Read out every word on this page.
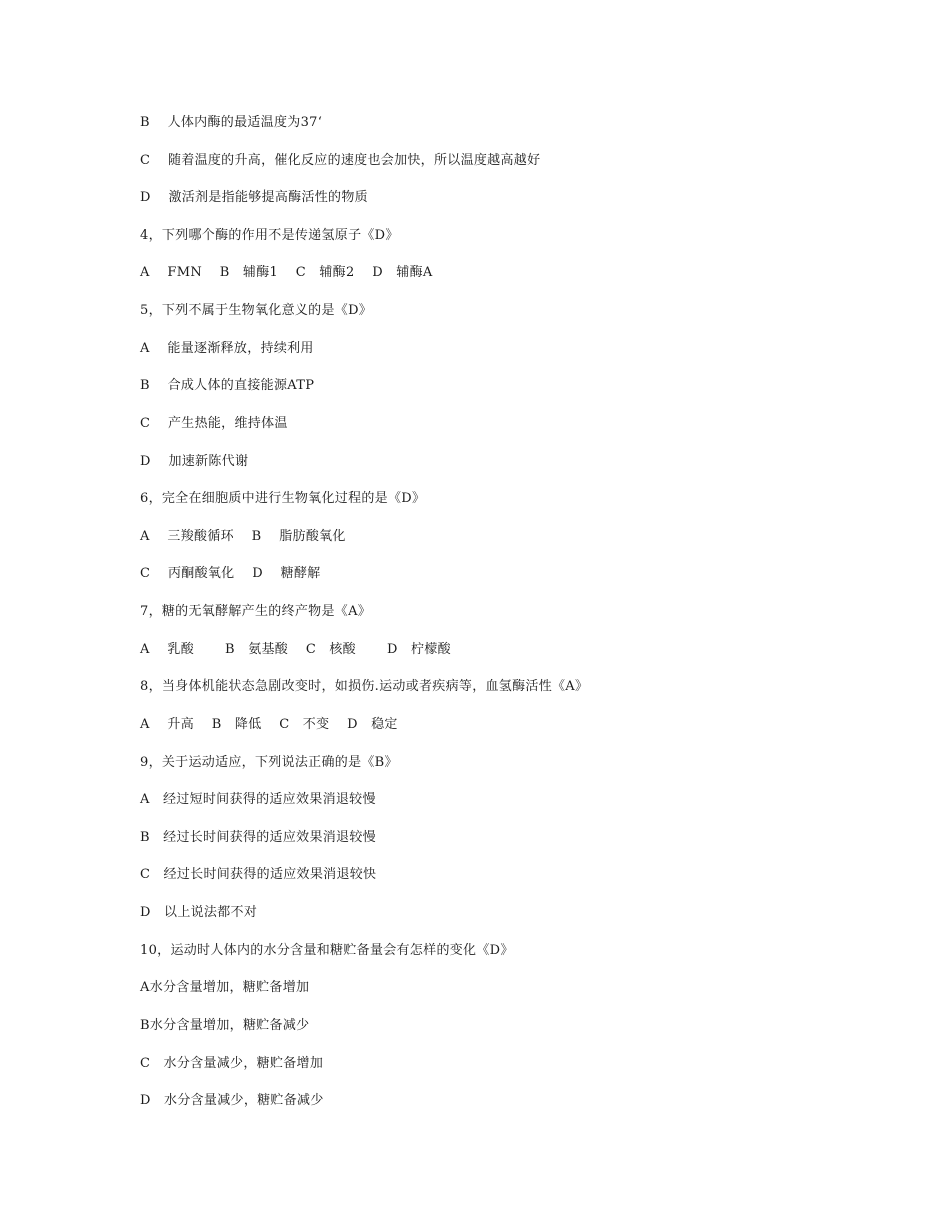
B    人体内酶的最适温度为37‘
C    随着温度的升高，催化反应的速度也会加快，所以温度越高越好
D    激活剂是指能够提高酶活性的物质
4，下列哪个酶的作用不是传递氢原子《D》
A    FMN    B   辅酶1    C   辅酶2    D   辅酶A
5，下列不属于生物氧化意义的是《D》
A    能量逐渐释放，持续利用
B    合成人体的直接能源ATP
C    产生热能，维持体温
D    加速新陈代谢
6，完全在细胞质中进行生物氧化过程的是《D》
A    三羧酸循环    B    脂肪酸氧化
C    丙酮酸氧化    D    糖酵解
7，糖的无氧酵解产生的终产物是《A》
A    乳酸       B   氨基酸    C   核酸       D   柠檬酸
8，当身体机能状态急剧改变时，如损伤.运动或者疾病等，血氢酶活性《A》
A    升高    B   降低    C   不变    D   稳定
9，关于运动适应，下列说法正确的是《B》
A   经过短时间获得的适应效果消退较慢
B   经过长时间获得的适应效果消退较慢
C   经过长时间获得的适应效果消退较快
D   以上说法都不对
10，运动时人体内的水分含量和糖贮备量会有怎样的变化《D》
A水分含量增加，糖贮备增加
B水分含量增加，糖贮备减少
C   水分含量减少，糖贮备增加
D   水分含量减少，糖贮备减少
